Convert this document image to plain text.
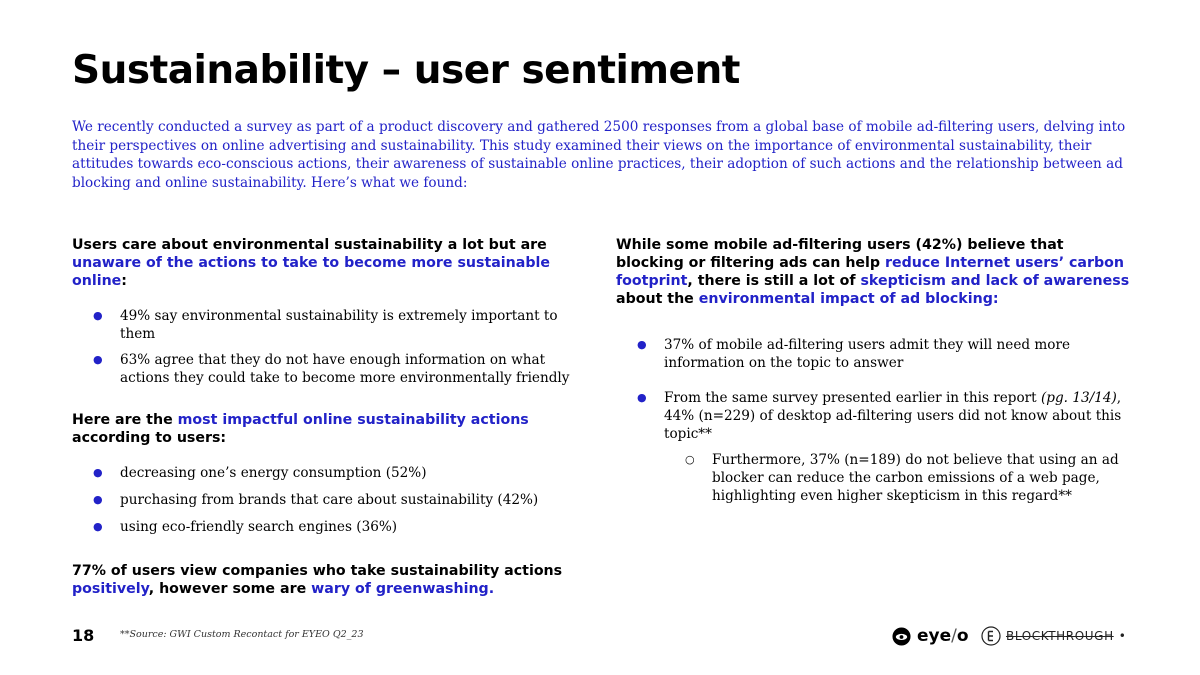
Sustainability – user sentiment

We recently conducted a survey as part of a product discovery and gathered 2500 responses from a global base of mobile ad-filtering users, delving into their perspectives on online advertising and sustainability. This study examined their views on the importance of environmental sustainability, their attitudes towards eco-conscious actions, their awareness of sustainable online practices, their adoption of such actions and the relationship between ad blocking and online sustainability. Here’s what we found:

Users care about environmental sustainability a lot but are
unaware of the actions to take to become more sustainable online:

● 49% say environmental sustainability is extremely important to them
● 63% agree that they do not have enough information on what actions they could take to become more environmentally friendly

Here are the most impactful online sustainability actions according to users:

● decreasing one’s energy consumption (52%)
● purchasing from brands that care about sustainability (42%)
● using eco-friendly search engines (36%)

77% of users view companies who take sustainability actions
positively, however some are wary of greenwashing.

While some mobile ad-filtering users (42%) believe that blocking or filtering ads can help reduce Internet users’ carbon footprint, there is still a lot of skepticism and lack of awareness about the environmental impact of ad blocking:

● 37% of mobile ad-filtering users admit they will need more information on the topic to answer
● From the same survey presented earlier in this report (pg. 13/14), 44% (n=229) of desktop ad-filtering users did not know about this topic**
○ Furthermore, 37% (n=189) do not believe that using an ad blocker can reduce the carbon emissions of a web page, highlighting even higher skepticism in this regard**
18	**Source: GWI Custom Recontact for EYEO Q2_23	eye/o	BLOCKTHROUGH •
